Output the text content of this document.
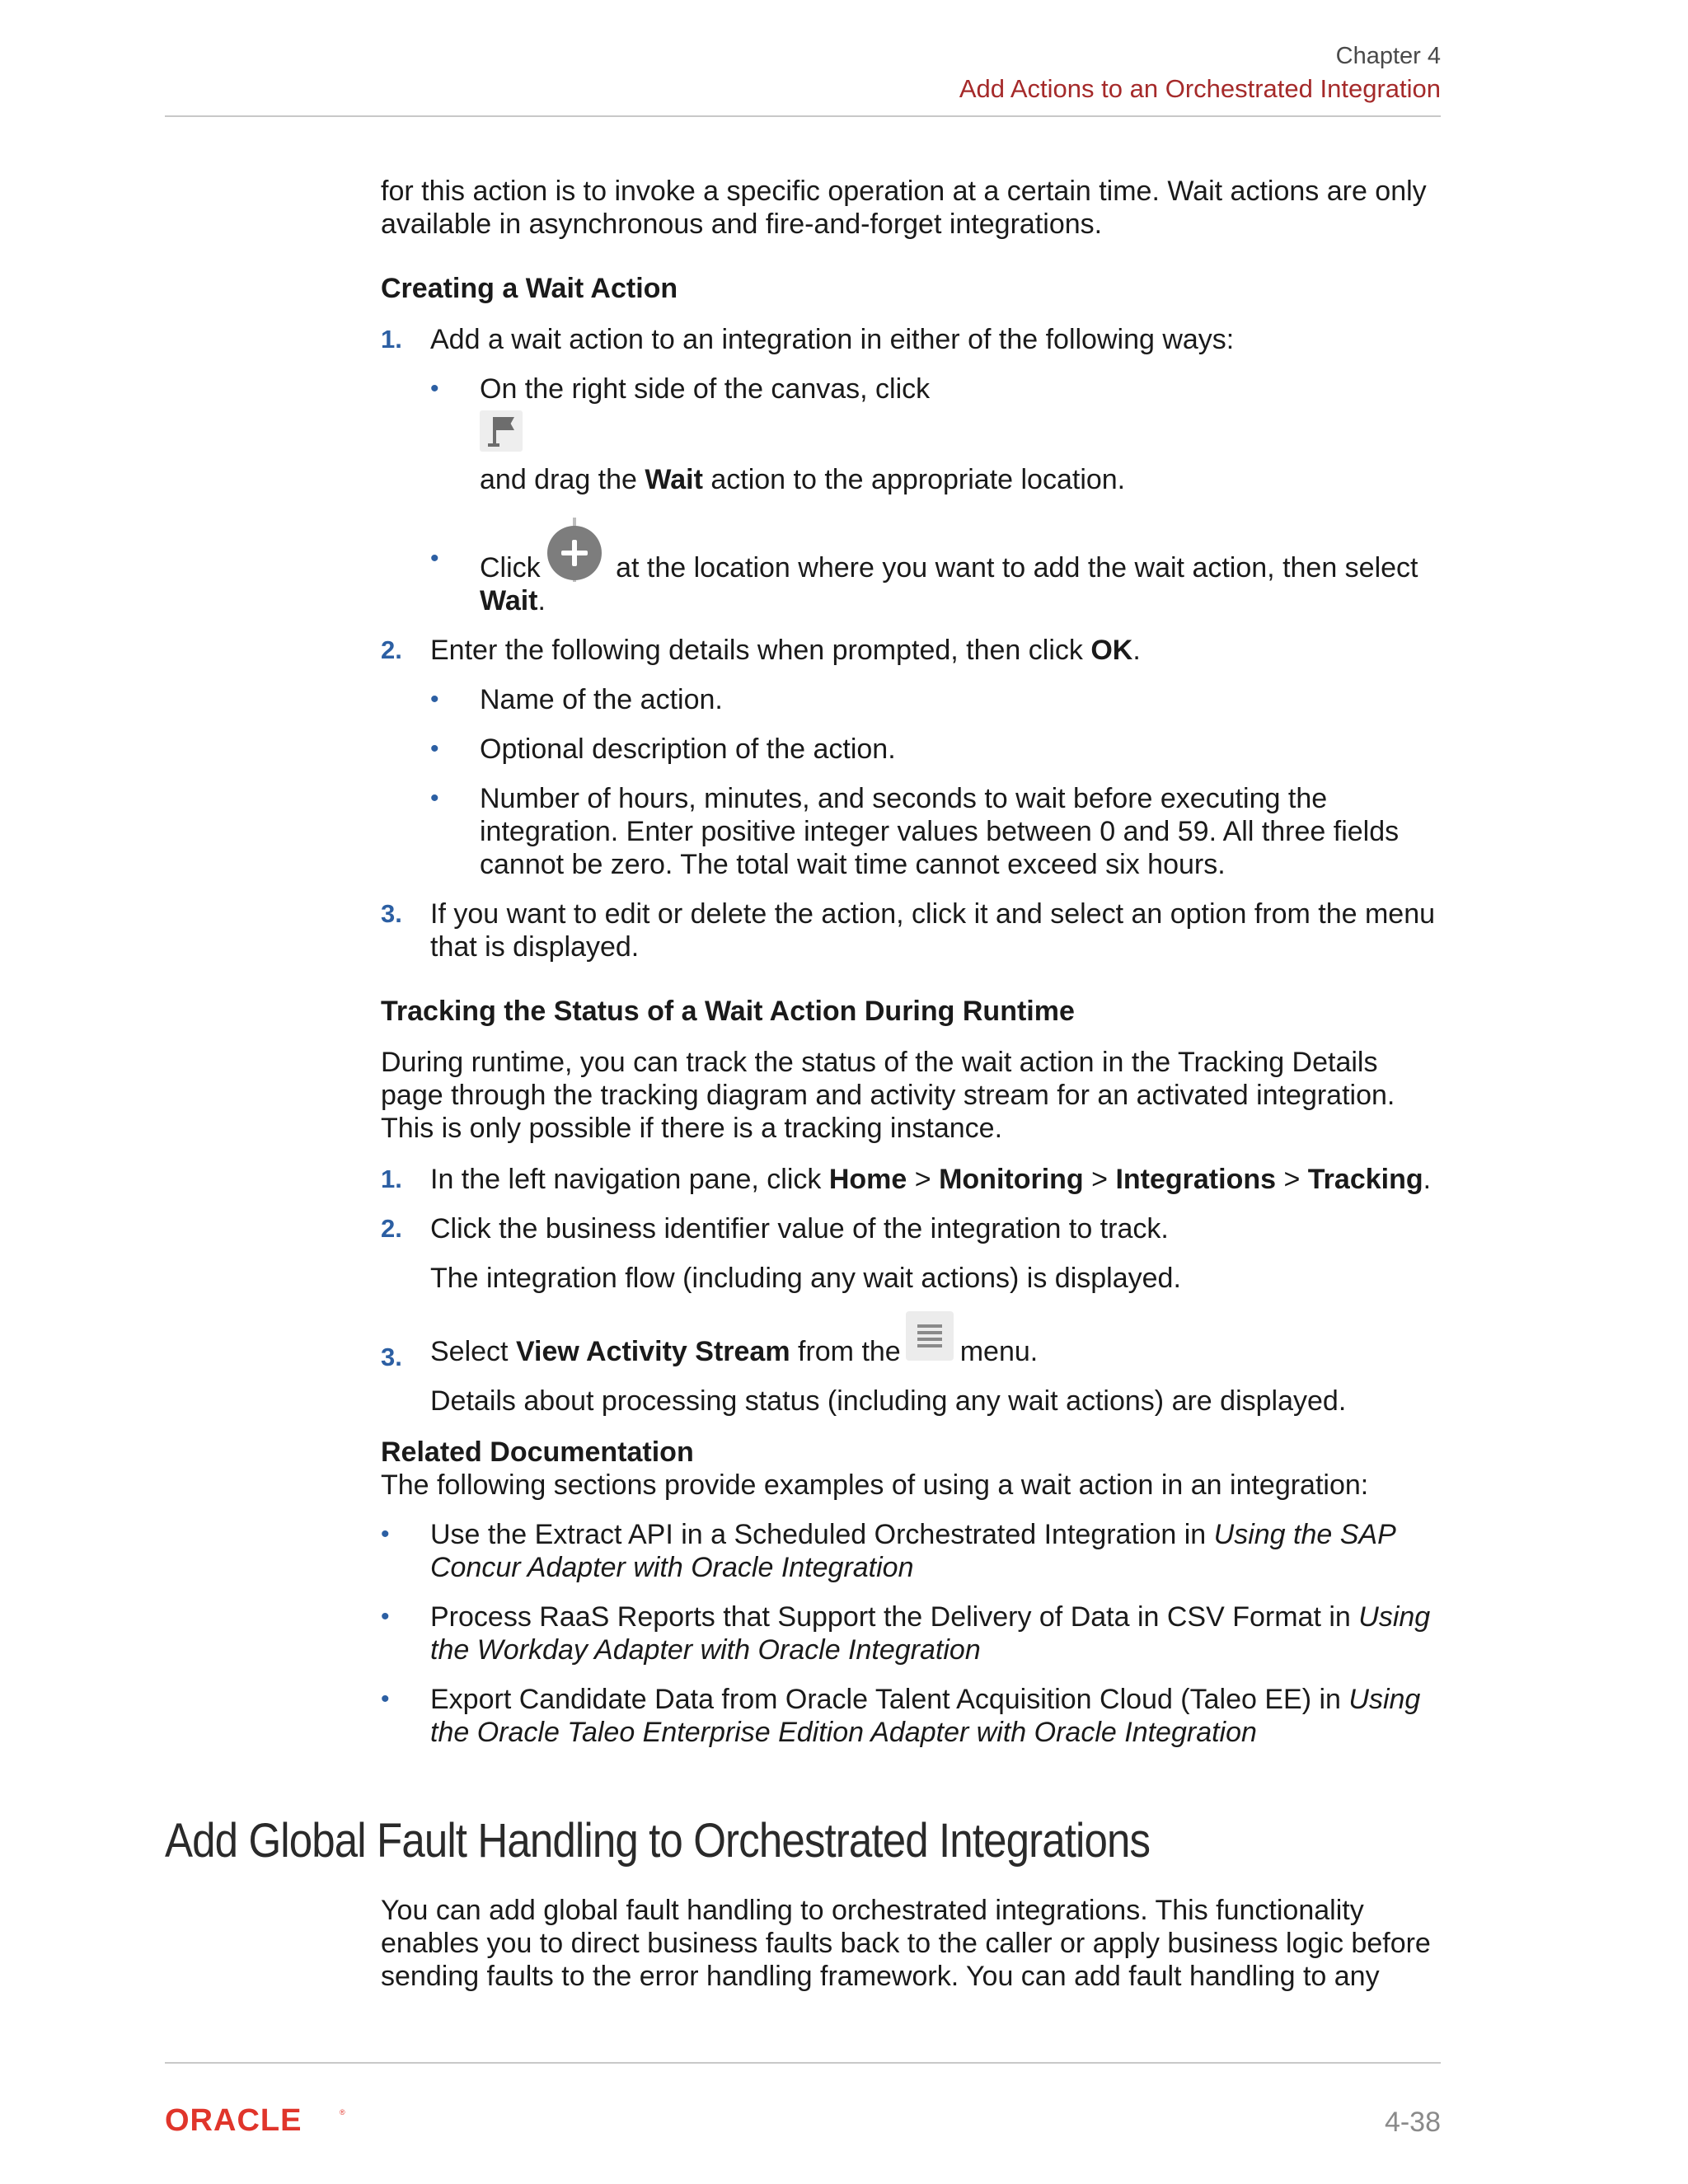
Chapter 4
Add Actions to an Orchestrated Integration

for this action is to invoke a specific operation at a certain time. Wait actions are only available in asynchronous and fire-and-forget integrations.

Creating a Wait Action

1.	Add a wait action to an integration in either of the following ways:
•	On the right side of the canvas, click
and drag the Wait action to the appropriate location.
•	Click
at the location where you want to add the wait action, then select
Wait.
2.	Enter the following details when prompted, then click OK.
•	Name of the action.
•	Optional description of the action.
•	Number of hours, minutes, and seconds to wait before executing the integration. Enter positive integer values between 0 and 59. All three fields cannot be zero. The total wait time cannot exceed six hours.
3.	If you want to edit or delete the action, click it and select an option from the menu that is displayed.

Tracking the Status of a Wait Action During Runtime

During runtime, you can track the status of the wait action in the Tracking Details page through the tracking diagram and activity stream for an activated integration. This is only possible if there is a tracking instance.

1.	In the left navigation pane, click Home > Monitoring > Integrations > Tracking.
2.	Click the business identifier value of the integration to track.
The integration flow (including any wait actions) is displayed.
3.	Select View Activity Stream from the menu.
Details about processing status (including any wait actions) are displayed.

Related Documentation

The following sections provide examples of using a wait action in an integration:

•	Use the Extract API in a Scheduled Orchestrated Integration in Using the SAP Concur Adapter with Oracle Integration
•	Process RaaS Reports that Support the Delivery of Data in CSV Format in Using the Workday Adapter with Oracle Integration
•	Export Candidate Data from Oracle Talent Acquisition Cloud (Taleo EE) in Using the Oracle Taleo Enterprise Edition Adapter with Oracle Integration
Add Global Fault Handling to Orchestrated Integrations

You can add global fault handling to orchestrated integrations. This functionality enables you to direct business faults back to the caller or apply business logic before sending faults to the error handling framework. You can add fault handling to any

ORACLE	®	4-38
